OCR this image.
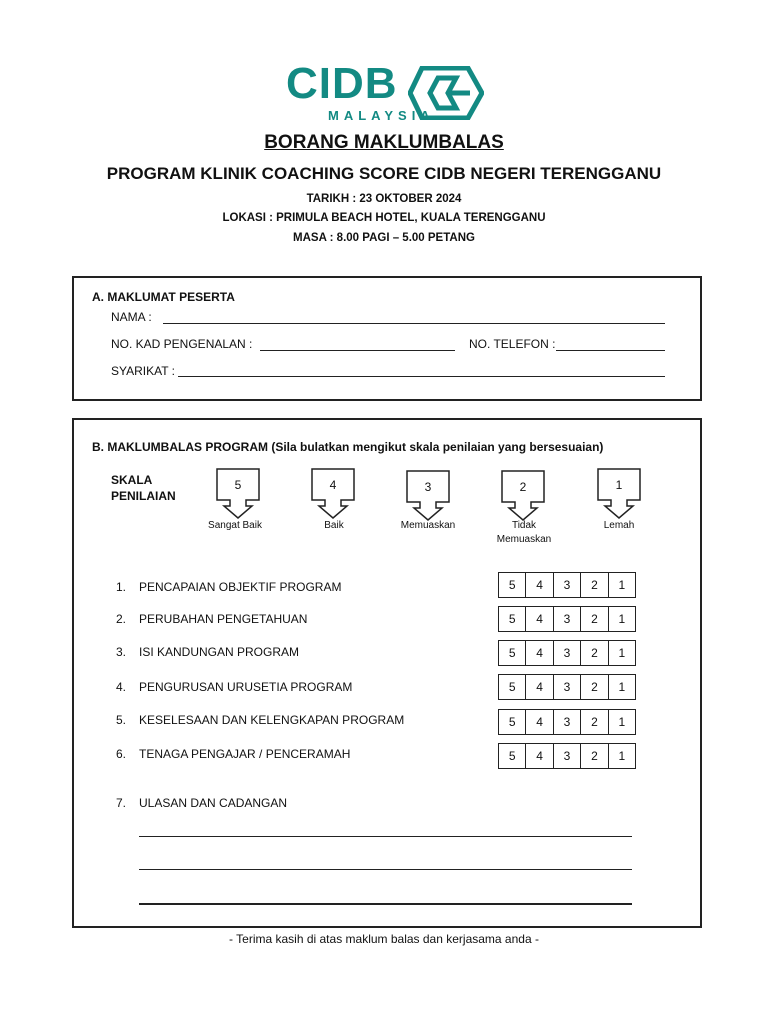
CIDB
MALAYSIA
BORANG MAKLUMBALAS
PROGRAM KLINIK COACHING SCORE CIDB NEGERI TERENGGANU
TARIKH : 23 OKTOBER 2024
LOKASI : PRIMULA BEACH HOTEL, KUALA TERENGGANU
MASA : 8.00 PAGI – 5.00 PETANG
A. MAKLUMAT PESERTA
NAMA :
NO. KAD PENGENALAN :	NO. TELEFON :
SYARIKAT :
B. MAKLUMBALAS PROGRAM (Sila bulatkan mengikut skala penilaian yang bersesuaian)
SKALA
PENILAIAN
5
Sangat Baik
4
Baik
3
Memuaskan
2
Tidak Memuaskan
1
Lemah
1. PENCAPAIAN OBJEKTIF PROGRAM	5	4	3	2	1
2. PERUBAHAN PENGETAHUAN	5	4	3	2	1
3. ISI KANDUNGAN PROGRAM	5	4	3	2	1
4. PENGURUSAN URUSETIA PROGRAM	5	4	3	2	1
5. KESELESAAN DAN KELENGKAPAN PROGRAM	5	4	3	2	1
6. TENAGA PENGAJAR / PENCERAMAH	5	4	3	2	1
7. ULASAN DAN CADANGAN
- Terima kasih di atas maklum balas dan kerjasama anda -
